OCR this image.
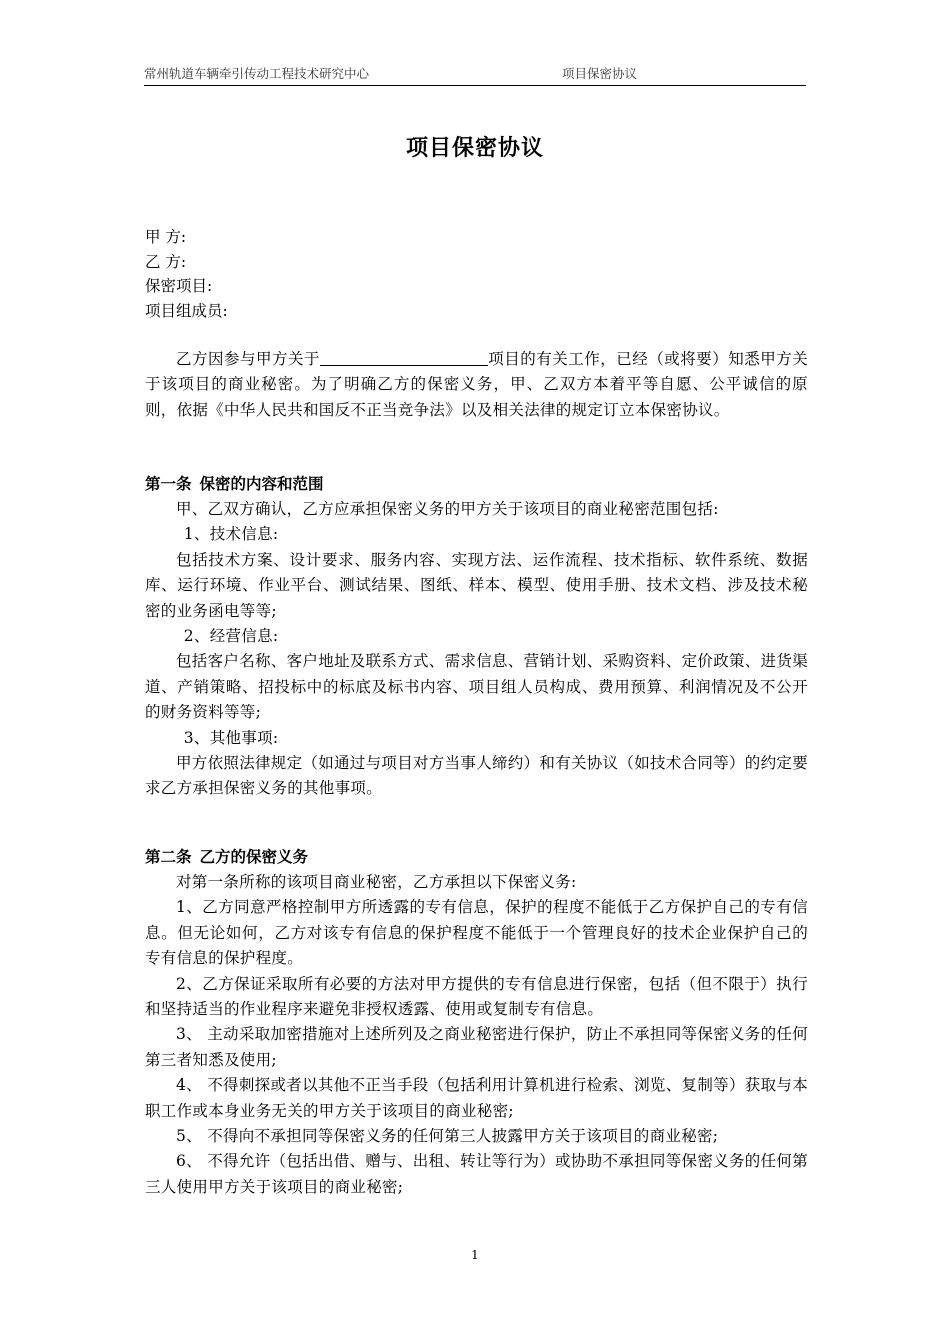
常州轨道车辆牵引传动工程技术研究中心	项目保密协议
项目保密协议
甲 方:
乙 方:
保密项目:
项目组成员:

乙方因参与甲方关于	项目的有关工作，已经（或将要）知悉甲方关于该项目的商业秘密。为了明确乙方的保密义务，甲、乙双方本着平等自愿、公平诚信的原则，依据《中华人民共和国反不正当竞争法》以及相关法律的规定订立本保密协议。

第一条 保密的内容和范围

甲、乙双方确认，乙方应承担保密义务的甲方关于该项目的商业秘密范围包括:

1、技术信息:

包括技术方案、设计要求、服务内容、实现方法、运作流程、技术指标、软件系统、数据库、运行环境、作业平台、测试结果、图纸、样本、模型、使用手册、技术文档、涉及技术秘密的业务函电等等;

2、经营信息:

包括客户名称、客户地址及联系方式、需求信息、营销计划、采购资料、定价政策、进货渠道、产销策略、招投标中的标底及标书内容、项目组人员构成、费用预算、利润情况及不公开的财务资料等等;

3、其他事项:

甲方依照法律规定（如通过与项目对方当事人缔约）和有关协议（如技术合同等）的约定要求乙方承担保密义务的其他事项。

第二条 乙方的保密义务

对第一条所称的该项目商业秘密，乙方承担以下保密义务:

1、乙方同意严格控制甲方所透露的专有信息，保护的程度不能低于乙方保护自己的专有信息。但无论如何，乙方对该专有信息的保护程度不能低于一个管理良好的技术企业保护自己的专有信息的保护程度。

2、乙方保证采取所有必要的方法对甲方提供的专有信息进行保密，包括（但不限于）执行和坚持适当的作业程序来避免非授权透露、使用或复制专有信息。

3、 主动采取加密措施对上述所列及之商业秘密进行保护，防止不承担同等保密义务的任何第三者知悉及使用;

4、 不得刺探或者以其他不正当手段（包括利用计算机进行检索、浏览、复制等）获取与本职工作或本身业务无关的甲方关于该项目的商业秘密;

5、 不得向不承担同等保密义务的任何第三人披露甲方关于该项目的商业秘密;

6、 不得允许（包括出借、赠与、出租、转让等行为）或协助不承担同等保密义务的任何第三人使用甲方关于该项目的商业秘密;

1
